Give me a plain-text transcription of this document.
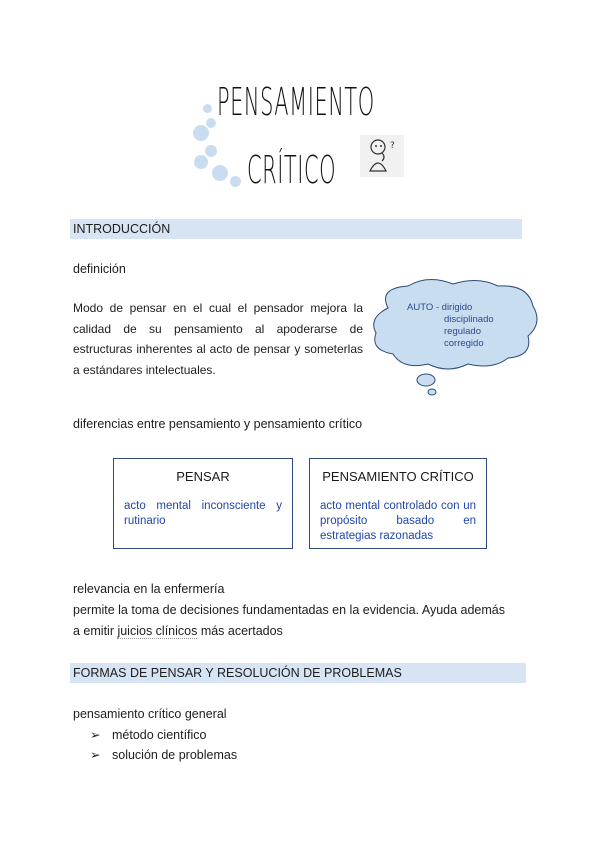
PENSAMIENTO
CRÍTICO
?
INTRODUCCIÓN
definición
Modo de pensar en el cual el pensador mejora la calidad de su pensamiento al apoderarse de estructuras inherentes al acto de pensar y someterlas a estándares intelectuales.
AUTO - dirigido
disciplinado
regulado
corregido
diferencias entre pensamiento y pensamiento crítico
PENSAR
acto mental inconsciente y rutinario
PENSAMIENTO CRÍTICO
acto mental controlado con un propósito basado en estrategias razonadas
relevancia en la enfermería
permite la toma de decisiones fundamentadas en la evidencia. Ayuda además
a emitir juicios clínicos más acertados
FORMAS DE PENSAR Y RESOLUCIÓN DE PROBLEMAS
pensamiento crítico general
➢ método científico
➢ solución de problemas
